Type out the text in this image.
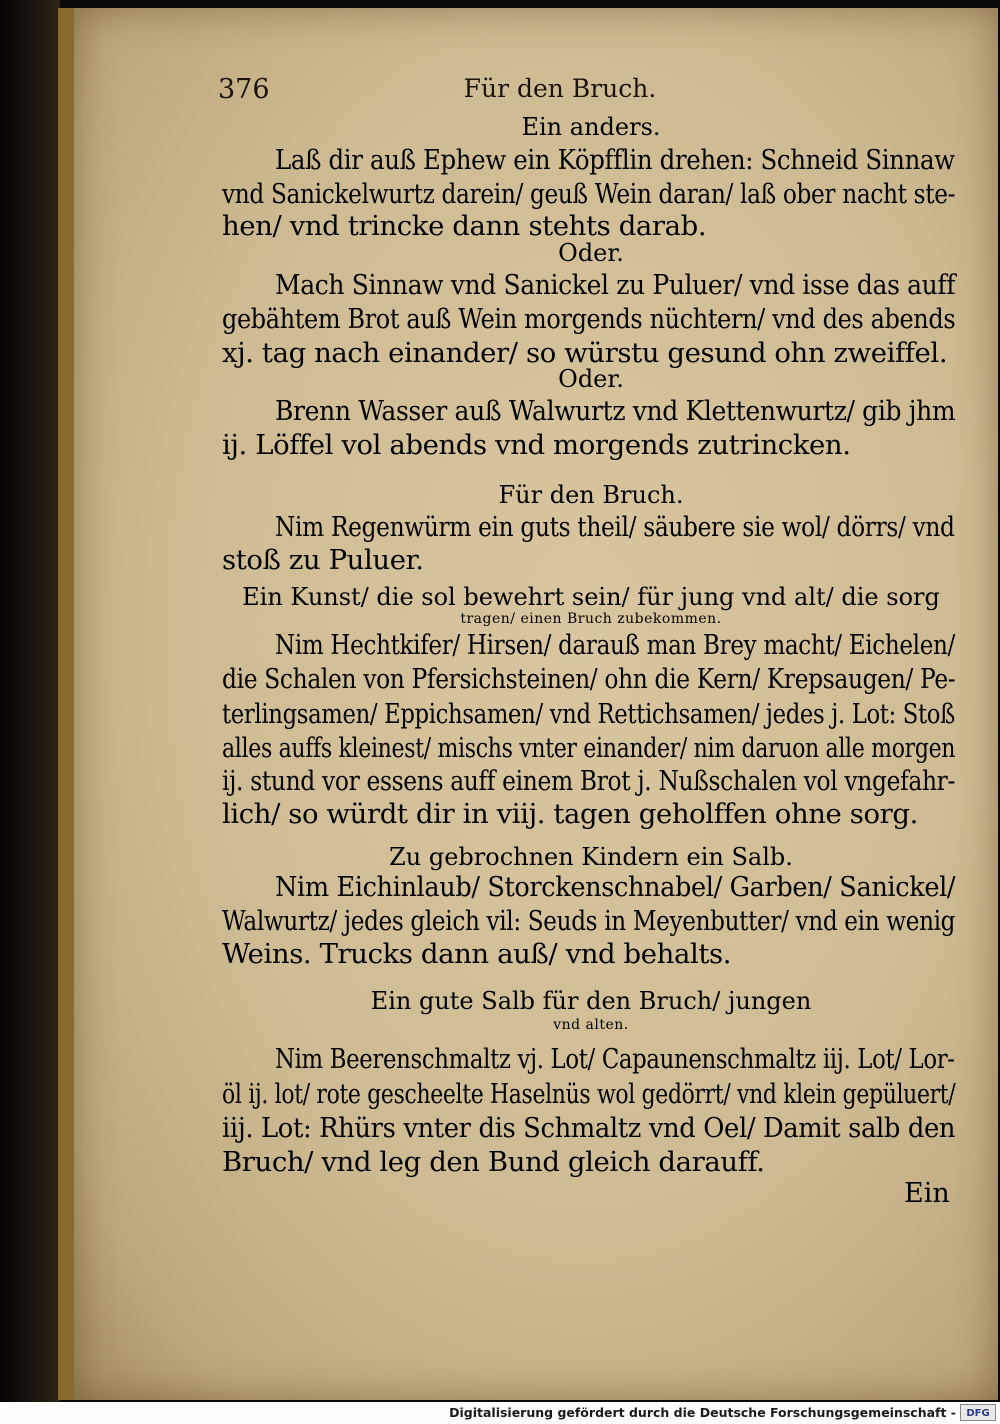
376	Für den Bruch.
Ein anders.
Laß dir auß Ephew ein Köpfflin drehen: Schneid Sinnaw
vnd Sanickelwurtz darein/ geuß Wein daran/ laß ober nacht ste-
hen/ vnd trincke dann stehts darab.
Oder.
Mach Sinnaw vnd Sanickel zu Puluer/ vnd isse das auff
gebähtem Brot auß Wein morgends nüchtern/ vnd des abends
xj. tag nach einander/ so würstu gesund ohn zweiffel.
Oder.
Brenn Wasser auß Walwurtz vnd Klettenwurtz/ gib jhm
ij. Löffel vol abends vnd morgends zutrincken.
Für den Bruch.
Nim Regenwürm ein guts theil/ säubere sie wol/ dörrs/ vnd
stoß zu Puluer.
Ein Kunst/ die sol bewehrt sein/ für jung vnd alt/ die sorg
tragen/ einen Bruch zubekommen.
Nim Hechtkifer/ Hirsen/ darauß man Brey macht/ Eichelen/
die Schalen von Pfersichsteinen/ ohn die Kern/ Krepsaugen/ Pe-
terlingsamen/ Eppichsamen/ vnd Rettichsamen/ jedes j. Lot: Stoß
alles auffs kleinest/ mischs vnter einander/ nim daruon alle morgen
ij. stund vor essens auff einem Brot j. Nußschalen vol vngefahr-
lich/ so würdt dir in viij. tagen geholffen ohne sorg.
Zu gebrochnen Kindern ein Salb.
Nim Eichinlaub/ Storckenschnabel/ Garben/ Sanickel/
Walwurtz/ jedes gleich vil: Seuds in Meyenbutter/ vnd ein wenig
Weins. Trucks dann auß/ vnd behalts.
Ein gute Salb für den Bruch/ jungen
vnd alten.
Nim Beerenschmaltz vj. Lot/ Capaunenschmaltz iij. Lot/ Lor-
öl ij. lot/ rote gescheelte Haselnüs wol gedörrt/ vnd klein gepüluert/
iij. Lot: Rhürs vnter dis Schmaltz vnd Oel/ Damit salb den
Bruch/ vnd leg den Bund gleich darauff.
Ein
Digitalisierung gefördert durch die Deutsche Forschungsgemeinschaft -	DFG
